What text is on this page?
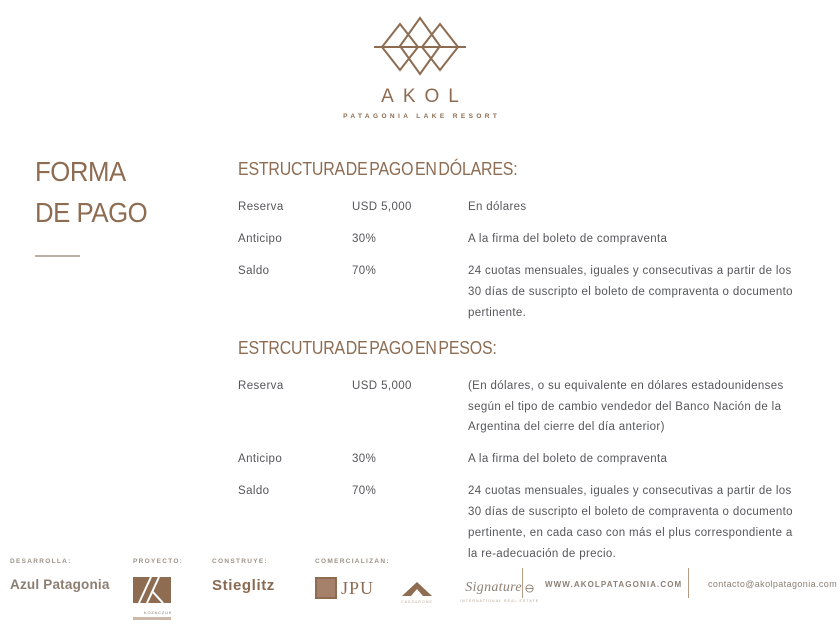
AKOL
PATAGONIA LAKE RESORT
FORMA
DE PAGO
ESTRUCTURA DE PAGO EN DÓLARES:
Reserva	USD 5,000	En dólares
Anticipo	30%	A la firma del boleto de compraventa
Saldo	70%	24 cuotas mensuales, iguales y consecutivas a partir de los 30 días de suscripto el boleto de compraventa o documento pertinente.
ESTRCUTURA DE PAGO EN PESOS:
Reserva	USD 5,000	(En dólares, o su equivalente en dólares estadounidenses según el tipo de cambio vendedor del Banco Nación de la Argentina del cierre del día anterior)
Anticipo	30%	A la firma del boleto de compraventa
Saldo	70%	24 cuotas mensuales, iguales y consecutivas a partir de los 30 días de suscripto el boleto de compraventa o documento pertinente, en cada caso con más el plus correspondiente a la re-adecuación de precio.
DESARROLLA:
Azul Patagonia
PROYECTO:
KOZACZUK
CONSTRUYE:
Stieglitz
COMERCIALIZAN:
JPU
CASSARONE
Signature
INTERNATIONAL REAL ESTATE
WWW.AKOLPATAGONIA.COM	contacto@akolpatagonia.com
